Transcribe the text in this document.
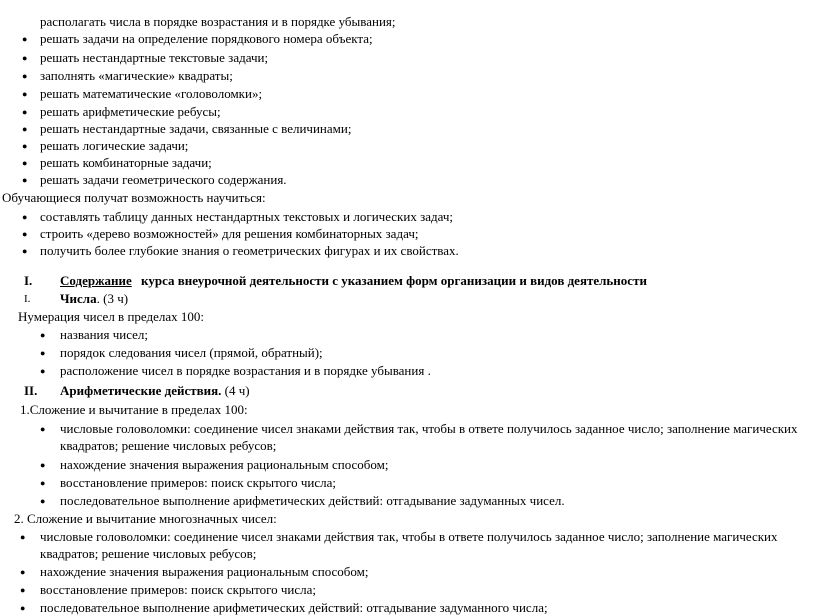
располагать числа в порядке возрастания и в порядке убывания;
● решать задачи на определение порядкового номера объекта;
● решать нестандартные текстовые задачи;
● заполнять «магические» квадраты;
● решать математические «головоломки»;
● решать арифметические ребусы;
● решать нестандартные задачи, связанные с величинами;
● решать логические задачи;
● решать комбинаторные задачи;
● решать задачи геометрического содержания.
Обучающиеся получат возможность научиться:
● составлять таблицу данных нестандартных текстовых и логических задач;
● строить «дерево возможностей» для решения комбинаторных задач;
● получить более глубокие знания о геометрических фигурах и их свойствах.
I. Содержание курса внеурочной деятельности с указанием форм организации и видов деятельности
I. Числа. (3 ч)
Нумерация чисел в пределах 100:
● названия чисел;
● порядок следования чисел (прямой, обратный);
● расположение чисел в порядке возрастания и в порядке убывания .
II. Арифметические действия. (4 ч)
1.Сложение и вычитание в пределах 100:
● числовые головоломки: соединение чисел знаками действия так, чтобы в ответе получилось заданное число; заполнение магических
квадратов; решение числовых ребусов;
● нахождение значения выражения рациональным способом;
● восстановление примеров: поиск скрытого числа;
● последовательное выполнение арифметических действий: отгадывание задуманных чисел.
2. Сложение и вычитание многозначных чисел:
● числовые головоломки: соединение чисел знаками действия так, чтобы в ответе получилось заданное число; заполнение магических
квадратов; решение числовых ребусов;
● нахождение значения выражения рациональным способом;
● восстановление примеров: поиск скрытого числа;
● последовательное выполнение арифметических действий: отгадывание задуманного числа;
